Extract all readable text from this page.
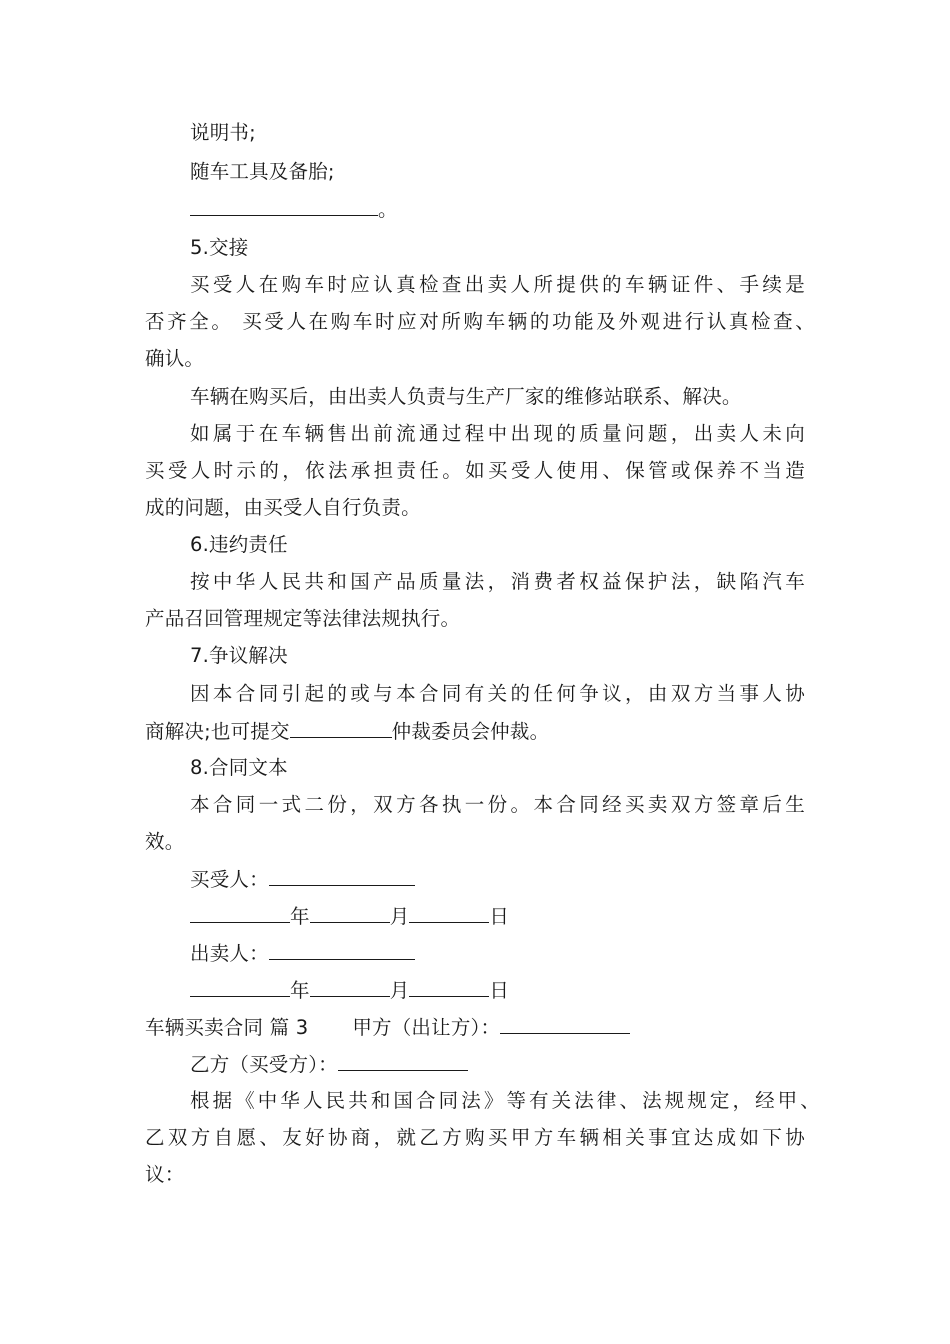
说明书;
随车工具及备胎;
。
5.交接
买受人在购车时应认真检查出卖人所提供的车辆证件、手续是
否齐全。 买受人在购车时应对所购车辆的功能及外观进行认真检查、
确认。
车辆在购买后，由出卖人负责与生产厂家的维修站联系、解决。
如属于在车辆售出前流通过程中出现的质量问题，出卖人未向
买受人时示的，依法承担责任。如买受人使用、保管或保养不当造
成的问题，由买受人自行负责。
6.违约责任
按中华人民共和国产品质量法，消费者权益保护法，缺陷汽车
产品召回管理规定等法律法规执行。
7.争议解决
因本合同引起的或与本合同有关的任何争议，由双方当事人协
商解决;也可提交	仲裁委员会仲裁。
8.合同文本
本合同一式二份，双方各执一份。本合同经买卖双方签章后生
效。
买受人：
年	月	日
出卖人：
年	月	日
车辆买卖合同 篇 3 甲方（出让方）：
乙方（买受方）：
根据《中华人民共和国合同法》等有关法律、法规规定，经甲、
乙双方自愿、友好协商，就乙方购买甲方车辆相关事宜达成如下协
议：
